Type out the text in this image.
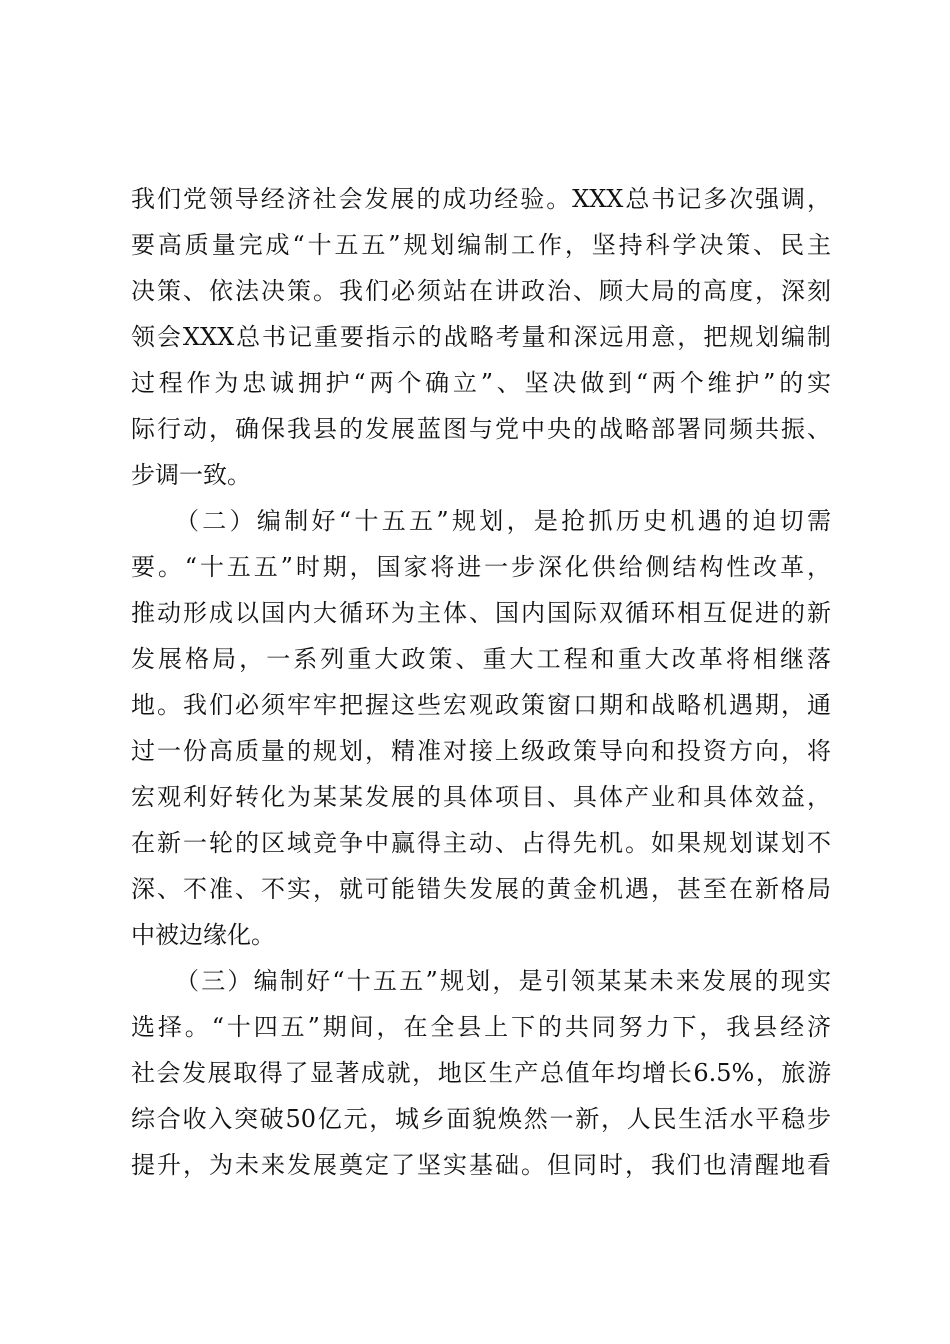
我们党领导经济社会发展的成功经验。XXX总书记多次强调，
要高质量完成“十五五”规划编制工作，坚持科学决策、民主
决策、依法决策。我们必须站在讲政治、顾大局的高度，深刻
领会XXX总书记重要指示的战略考量和深远用意，把规划编制
过程作为忠诚拥护“两个确立”、坚决做到“两个维护”的实
际行动，确保我县的发展蓝图与党中央的战略部署同频共振、
步调一致。
（二）编制好“十五五”规划，是抢抓历史机遇的迫切需
要。“十五五”时期，国家将进一步深化供给侧结构性改革，
推动形成以国内大循环为主体、国内国际双循环相互促进的新
发展格局，一系列重大政策、重大工程和重大改革将相继落
地。我们必须牢牢把握这些宏观政策窗口期和战略机遇期，通
过一份高质量的规划，精准对接上级政策导向和投资方向，将
宏观利好转化为某某发展的具体项目、具体产业和具体效益，
在新一轮的区域竞争中赢得主动、占得先机。如果规划谋划不
深、不准、不实，就可能错失发展的黄金机遇，甚至在新格局
中被边缘化。
（三）编制好“十五五”规划，是引领某某未来发展的现实
选择。“十四五”期间，在全县上下的共同努力下，我县经济
社会发展取得了显著成就，地区生产总值年均增长6.5%，旅游
综合收入突破50亿元，城乡面貌焕然一新，人民生活水平稳步
提升，为未来发展奠定了坚实基础。但同时，我们也清醒地看
